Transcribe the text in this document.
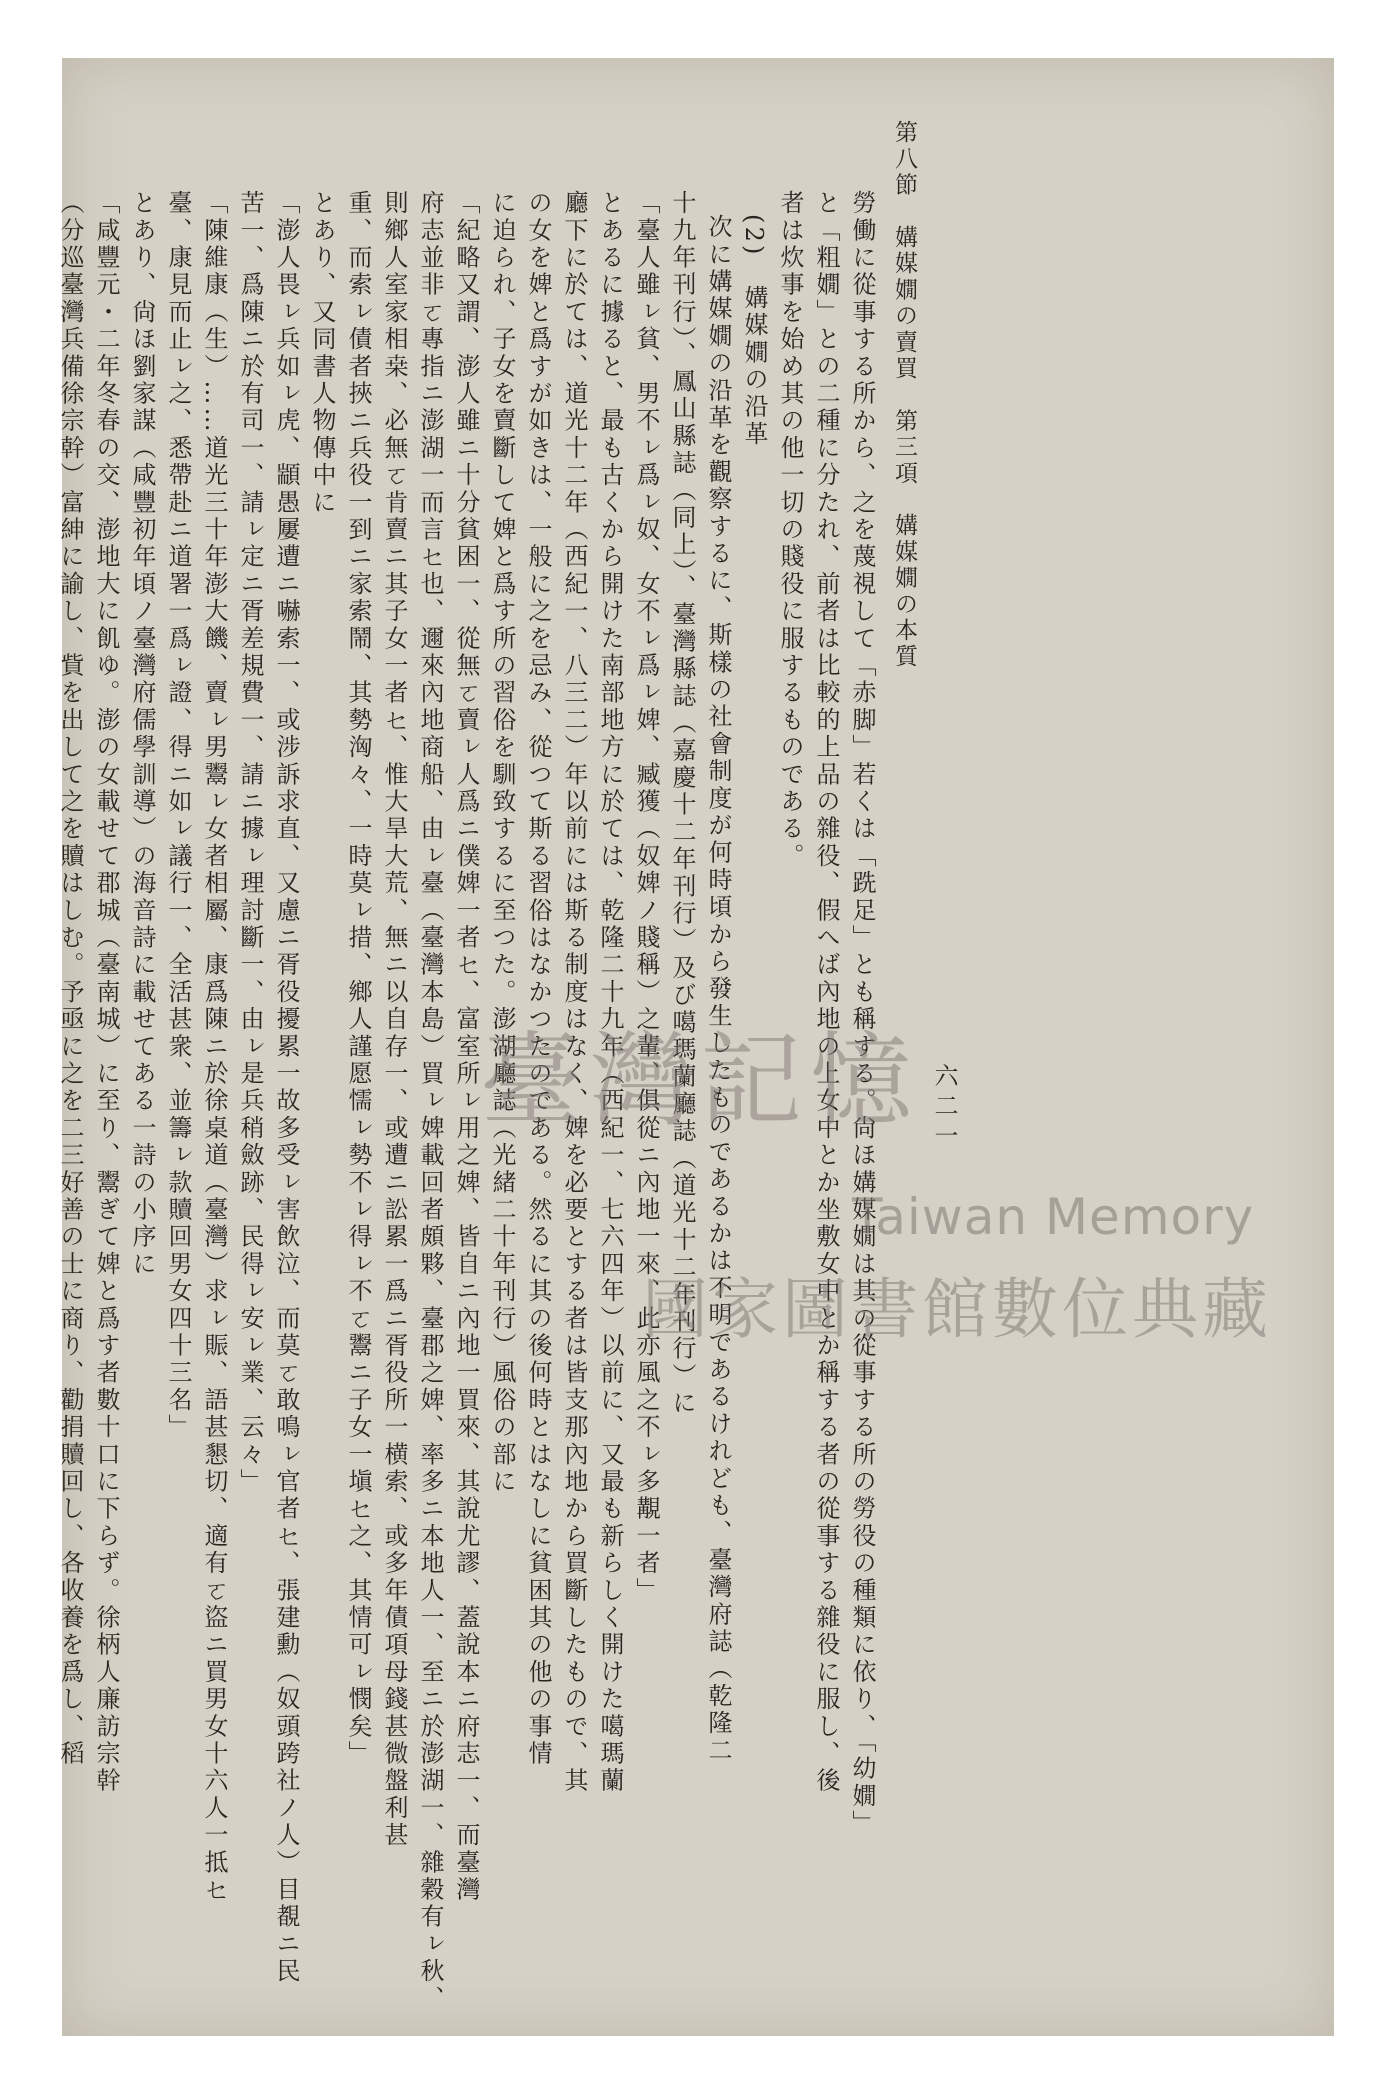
第八節　媾媒嫺の賣買　第三項　媾媒嫺の本質
六二一
勞働に從事する所から、之を蔑視して「赤脚」若くは「跣足」とも稱する。尙ほ媾媒嫺は其の從事する所の勞役の種類に依り、「幼嫺」
と「粗嫺」との二種に分たれ、前者は比較的上品の雜役、假へば內地の上女中とか坐敷女中とか稱する者の從事する雜役に服し、後
者は炊事を始め其の他一切の賤役に服するものである。
(2)　媾媒嫺の沿革
次に媾媒嫺の沿革を觀察するに、斯樣の社會制度が何時頃から發生したものであるかは不明であるけれども、臺灣府誌（乾隆二
十九年刊行）、鳳山縣誌（同上）、臺灣縣誌（嘉慶十二年刊行）及び噶瑪蘭廳誌（道光十二年刊行）に
「臺人雖ㇾ貧、男不ㇾ爲ㇾ奴、女不ㇾ爲ㇾ婢、臧獲（奴婢ノ賤稱）之輩、俱從ニ內地一來、此亦風之不ㇾ多覯一者」
とあるに據ると、最も古くから開けた南部地方に於ては、乾隆二十九年（西紀一、七六四年）以前に、又最も新らしく開けた噶瑪蘭
廳下に於ては、道光十二年（西紀一、八三二）年以前には斯る制度はなく、婢を必要とする者は皆支那內地から買斷したもので、其
の女を婢と爲すが如きは、一般に之を忌み、從つて斯る習俗はなかつたのである。然るに其の後何時とはなしに貧困其の他の事情
に迫られ、子女を賣斷して婢と爲す所の習俗を馴致するに至つた。澎湖廳誌（光緒二十年刊行）風俗の部に
「紀略又謂、澎人雖ニ十分貧困一、從無ㆦ賣ㇾ人爲ニ僕婢一者ㆤ、富室所ㇾ用之婢、皆自ニ內地一買來、其說尤謬、蓋說本ニ府志一、而臺灣
府志並非ㆦ專指ニ澎湖一而言ㆤ也、邇來內地商船、由ㇾ臺（臺灣本島）買ㇾ婢載回者頗夥、臺郡之婢、率多ニ本地人一、至ニ於澎湖一、雜穀有ㇾ秋、
則鄉人室家相桒、必無ㆦ肯賣ニ其子女一者ㆤ、惟大旱大荒、無ニ以自存一、或遭ニ訟累一爲ニ胥役所一横索、或多年債項母錢甚微盤利甚
重、而索ㇾ債者挾ニ兵役一到ニ家索鬧、其勢洶々、一時莫ㇾ措、鄉人謹愿懦ㇾ勢不ㇾ得ㇾ不ㆦ鬻ニ子女一塡ㆤ之、其情可ㇾ憫矣」
とあり、又同書人物傳中に
「澎人畏ㇾ兵如ㇾ虎、顓愚屢遭ニ嚇索一、或涉訴求直、又慮ニ胥役擾累一故多受ㇾ害飲泣、而莫ㆦ敢鳴ㇾ官者ㆤ、張建勳（奴頭跨社ノ人）目覩ニ民
苦一、爲陳ニ於有司一、請ㇾ定ニ胥差規費一、請ニ據ㇾ理討斷一、由ㇾ是兵稍斂跡、民得ㇾ安ㇾ業、云々」
「陳維康（生）……道光三十年澎大饑、賣ㇾ男鬻ㇾ女者相屬、康爲陳ニ於徐桌道（臺灣）求ㇾ賑、語甚懇切、適有ㆦ盜ニ買男女十六人一抵ㆤ
臺、康見而止ㇾ之、悉帶赴ニ道署一爲ㇾ證、得ニ如ㇾ議行一、全活甚衆、並籌ㇾ款贖回男女四十三名」
とあり、尙ほ劉家謀（咸豐初年頃ノ臺灣府儒學訓導）の海音詩に載せてある一詩の小序に
「咸豐元・二年冬春の交、澎地大に飢ゆ。澎の女載せて郡城（臺南城）に至り、鬻ぎて婢と爲す者數十口に下らず。徐柄人廉訪宗幹
（分巡臺灣兵備徐宗幹）富紳に諭し、貲を出して之を贖はしむ。予亟に之を二三好善の士に商り、勸捐贖回し、各收養を爲し、稻	臺灣記憶
Taiwan Memory
國家圖書館數位典藏
